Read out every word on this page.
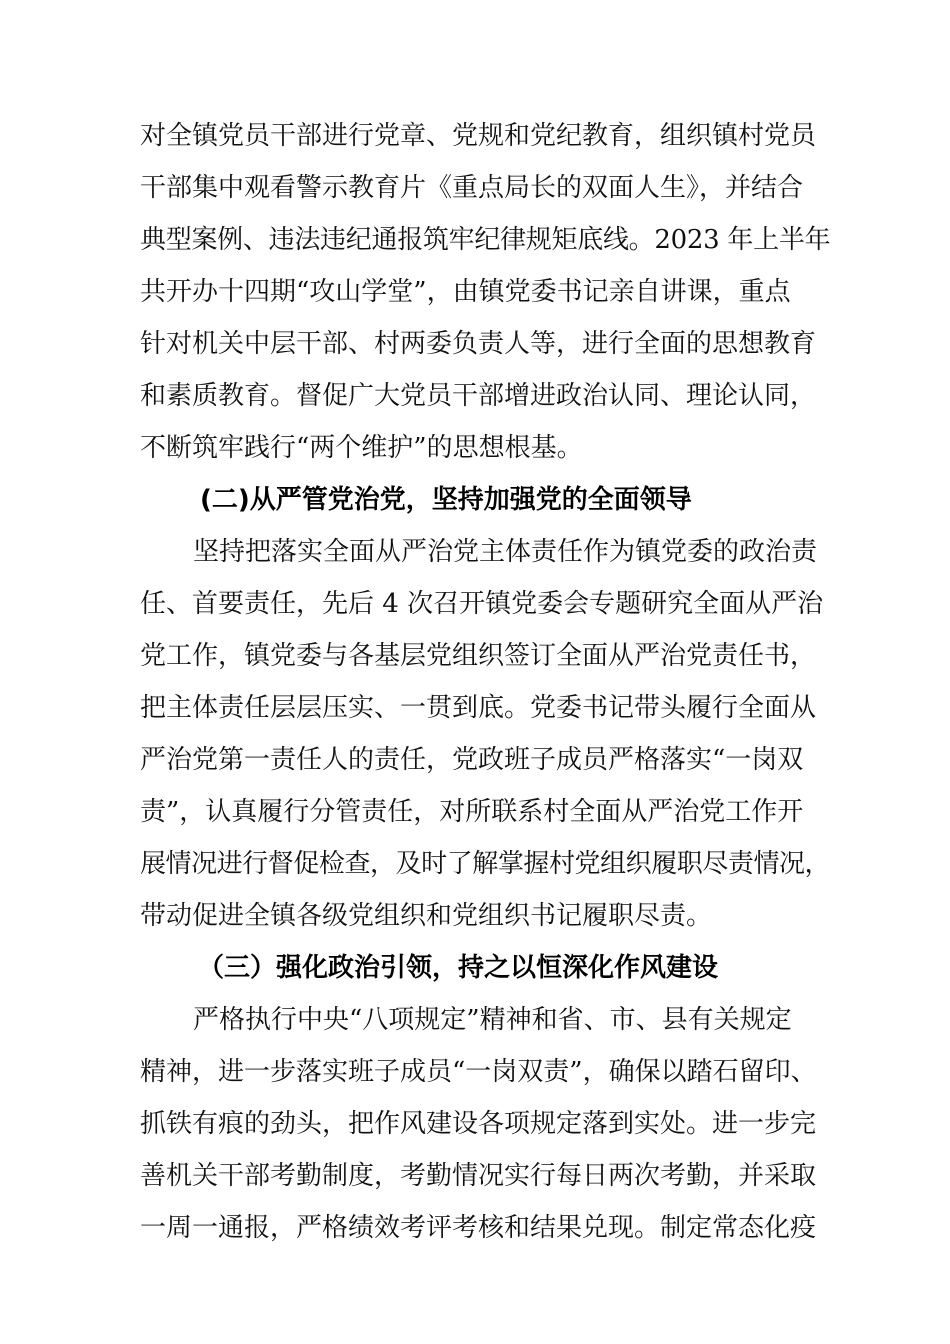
对全镇党员干部进行党章、党规和党纪教育，组织镇村党员
干部集中观看警示教育片《重点局长的双面人生》，并结合
典型案例、违法违纪通报筑牢纪律规矩底线。2023 年上半年
共开办十四期“攻山学堂”，由镇党委书记亲自讲课，重点
针对机关中层干部、村两委负责人等，进行全面的思想教育
和素质教育。督促广大党员干部增进政治认同、理论认同，
不断筑牢践行“两个维护”的思想根基。
(二)从严管党治党，坚持加强党的全面领导
坚持把落实全面从严治党主体责任作为镇党委的政治责
任、首要责任，先后 4 次召开镇党委会专题研究全面从严治
党工作，镇党委与各基层党组织签订全面从严治党责任书，
把主体责任层层压实、一贯到底。党委书记带头履行全面从
严治党第一责任人的责任，党政班子成员严格落实“一岗双
责”，认真履行分管责任，对所联系村全面从严治党工作开
展情况进行督促检查，及时了解掌握村党组织履职尽责情况，
带动促进全镇各级党组织和党组织书记履职尽责。
（三）强化政治引领，持之以恒深化作风建设
严格执行中央“八项规定”精神和省、市、县有关规定
精神，进一步落实班子成员“一岗双责”，确保以踏石留印、
抓铁有痕的劲头，把作风建设各项规定落到实处。进一步完
善机关干部考勤制度，考勤情况实行每日两次考勤，并采取
一周一通报，严格绩效考评考核和结果兑现。制定常态化疫
